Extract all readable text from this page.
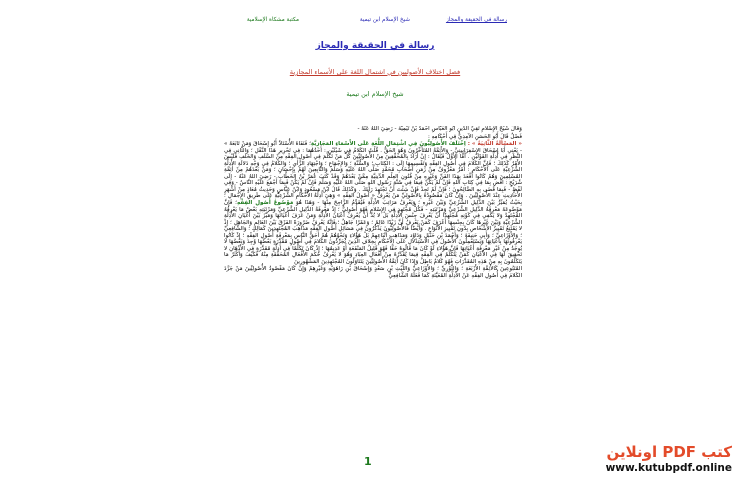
رسالة في الحقيقة والمجاز
شيخ الإسلام ابن تيمية
مكتبة مشكاة الإسلامية
رسالة في الحقيقة والمجاز
فصل اختلاف الأصوليين في اشتمال اللغة على الأسماء المجازية
شيخ الإسلام ابن تيمية

وَقَالَ شَيْخُ الإِسْلامِ تَقِيُّ الدِّينِ أَبُو العَبَّاسِ أَحْمَدُ بْنُ تَيْمِيَّةَ - رَضِيَ اللهُ عَنْهُ -

فَصْلٌ قَالَ أَبُو الحَسَنِ الآمِدِيُّ فِي أَحْكَامِهِ :

« المَسْأَلَةُ الثَّانِيَةُ » : اِخْتَلَفَ الأُصُولِيُّونَ فِي اشْتِمَالِ اللُّغَةِ عَلَى الأَسْمَاءِ المَجَازِيَّةِ؛ فَنَفَاهُ الأُسْتَاذُ أَبُو إِسْحَاقَ وَمَنْ تَابَعَهُ » - يَعْنِي أَبَا إِسْحَاقَ الإِسْفِرَايِينِيَّ - وَالأَئِمَّةُ المُتَأَخِّرُونَ وَهُوَ الحَقُّ . قُلْتُ الكَلامُ فِي شَيْئَيْنِ : أَحَدُهُمَا : فِي تَحْرِيرِ هَذَا النَّقْلِ ؛ وَالثَّانِي فِي النَّظَرِ فِي أَدِلَّةِ القَوْلَيْنِ . أَمَّا الأَوَّلُ فَيُقَالُ : إِنْ أَرَادَ بِالمُحَقِّقِينَ مِنْ الأُصُولِيِّينَ كُلَّ مَنْ تَكَلَّمَ فِي أُصُولِ الفِقْهِ مِنْ السَّلَفِ وَالخَلَفِ فَلَيْسَ الأَمْرُ كَذَلِكَ ؛ فَإِنَّ الكَلامَ فِي أُصُولِ الفِقْهِ وَتَقْسِيمِهَا إِلَى : الكِتَابِ ؛ وَالسُّنَّةِ ؛ وَالإِجْمَاعِ ؛ وَاجْتِهَادِ الرَّأْيِ ؛ وَالكَلامُ فِي وَجْهِ دَلالَةِ الأَدِلَّةِ الشَّرْعِيَّةِ عَلَى الأَحْكَامِ : أَمْرٌ مَعْرُوفٌ مِنْ زَمَنِ أَصْحَابِ مُحَمَّدٍ صَلَّى اللهُ عَلَيْهِ وَسَلَّمَ وَالتَّابِعِينَ لَهُمْ بِإِحْسَانٍ ؛ وَمَنْ بَعْدَهُمْ مِنْ أَئِمَّةِ المُسْلِمِينَ وَهُمْ كَانُوا أَقْعَدَ بِهَذَا الفَنِّ وَغَيْرِهِ مِنْ فُنُونِ العِلْمِ الدِّينِيَّةِ مِمَّنْ بَعْدَهُمْ وَقَدْ كَتَبَ عُمَرُ بْنُ الخَطَّابِ - رَضِيَ اللهُ عَنْهُ - إِلَى شُرَيْحٍ : اقْضِ بِمَا فِي كِتَابِ اللهِ فَإِنْ لَمْ يَكُنْ فِيمَا فِي سُنَّةِ رَسُولِ اللهِ صَلَّى اللهُ عَلَيْهِ وَسَلَّمَ فَإِنْ لَمْ يَكُنْ فَبِمَا أَجْمَعَ عَلَيْهِ النَّاسُ - وَفِي لَفْظٍ - فَبِمَا قَضَى بِهِ الصَّالِحُونَ ؛ فَإِنْ لَمْ تَجِدْ فَإِنْ شِئْتَ أَنْ تَجْتَهِدَ رَأْيَكَ . وَكَذَلِكَ قَالَ ابْنُ مَسْعُودٍ وَابْنُ عَبَّاسٍ وَحَدِيثُ مُعَاذٍ مِنْ أَشْهَرِ الأَحَادِيثِ عِنْدَ الأُصُولِيِّينَ . وَإِنْ كَانَ مَقْصُودُهُ بِالأُصُولِيِّ مَنْ يَعْرِفُ « أُصُولَ الفِقْهِ » وَهِيَ أَدِلَّةُ الأَحْكَامِ الشَّرْعِيَّةِ عَلَى طَرِيقِ الإِجْمَالِ ؛ بِحَيْثُ يُمَيِّزُ بَيْنَ الدَّلِيلِ الشَّرْعِيِّ وَبَيْنَ غَيْرِهِ ؛ وَيَعْرِفُ مَرَاتِبَ الأَدِلَّةِ فَيُقَدِّمُ الرَّاجِحَ مِنْهَا - وَهَذَا هُوَ مَوْضُوعُ أُصُولِ الفِقْهِ؛ فَإِنَّ مَوْضُوعَهُ مَعْرِفَةُ الدَّلِيلِ الشَّرْعِيِّ وَمَرْتَبَتِهِ - فَكُلُّ مُجْتَهِدٍ فِي الإِسْلامِ فَهُوَ أُصُولِيٌّ ؛ إِذْ مَعْرِفَةُ الدَّلِيلِ الشَّرْعِيِّ وَمَرْتَبَتِهِ بَعْضُ مَا يَعْرِفُهُ المُجْتَهِدُ وَلا يَكْفِي فِي كَوْنِهِ مُجْتَهِدًا أَنْ يَعْرِفَ جِنْسَ الأَدِلَّةِ بَلْ لا بُدَّ أَنْ يَعْرِفَ أَعْيَانَ الأَدِلَّةِ وَمَنْ عَرَفَ أَعْيَانَهَا وَمَيَّزَ بَيْنَ أَعْيَانِ الأَدِلَّةِ الشَّرْعِيَّةِ وَبَيْنَ غَيْرِهَا كَانَ بِجِنْسِهَا أَعْرَفَ كَمَنْ يَعْرِفُ أَنَّ زَيْدًا عَالِمٌ ؛ وَعَمْرًا جَاهِلٌ ؛ فَإِنَّهُ يَعْرِفُ ضَرُورَةً الفَرْقَ بَيْنَ العَالِمِ وَالجَاهِلِ ؛ إِذْ لا يَمْتَنِعُ تَمْيِيزُ الأَشْخَاصِ بِدُونِ تَمْيِيزِ الأَنْوَاعِ . وَأَيْضًا فَالأُصُولِيُّونَ يَذْكُرُونَ فِي مَسَائِلِ أُصُولِ الفِقْهِ مَذَاهِبَ المُجْتَهِدِينَ كَمَالِكٍ ؛ وَالشَّافِعِيِّ ؛ وَالأَوْزَاعِيِّ ؛ وَأَبِي حَنِيفَةَ ؛ وَأَحْمَدَ بْنِ حَنْبَلٍ وَدَاوُد وَمَذَاهِبِ أَتْبَاعِهِمْ بَلْ هَؤُلاءِ وَنَحْوُهُمْ هُمْ أَحَقُّ النَّاسِ بِمَعْرِفَةِ أُصُولِ الفِقْهِ ؛ إِذْ كَانُوا يَعْرِفُونَهَا بِأَعْيَانِهَا وَيَسْتَعْمِلُونَ الأُصُولَ فِي الاسْتِدْلالِ عَلَى الأَحْكَامِ بِخِلافِ الَّذِينَ يُجَرِّدُونَ الكَلامَ فِي أُصُولٍ مُقَدَّرَةٍ بَعْضُهَا وُجِدَ وَبَعْضُهَا لا يُوجَدُ مِنْ غَيْرِ مَعْرِفَةِ أَعْيَانِهَا فَإِنَّ هَؤُلاءِ لَوْ كَانَ مَا قَالُوهُ حَقًّا فَهُوَ قَلِيلُ المَنْفَعَةِ أَوْ عَدِيمُهَا ؛ إِذْ كَانَ تَكَلُّمًا فِي أَدِلَّةٍ مُقَدَّرَةٍ فِي الأَذْهَانِ لا تَحْقِيقَ لَهَا فِي الأَعْيَانِ كَمَنْ يَتَكَلَّمُ فِي الفِقْهِ فِيمَا يُقَدِّرُهُ مِنْ أَفْعَالِ العِبَادِ وَهُوَ لا يَعْرِفُ حُكْمَ الأَفْعَالِ المُحَقَّقَةِ مِنْهُ فَكَيْفَ وَأَكْثَرُ مَا يَتَكَلَّمُونَ بِهِ مِنْ هَذِهِ المُقَدَّرَاتِ فَهُوَ كَلامٌ بَاطِلٌ وَإِذَا كَانَ أَئِمَّةُ الأُصُولِيِّينَ يَتَنَاوَلُونَ المُجْتَهِدِينَ المَشْهُورِينَ

المُتَبُوعِينَ كَالأَئِمَّةِ الأَرْبَعَةِ ؛ وَالثَّوْرِيِّ ؛ وَالأَوْزَاعِيِّ وَاللَّيْثِ بْنِ سَعْدٍ وَإِسْحَاقَ بْنِ رَاهَوَيْهِ وَغَيْرِهِمْ وَإِنْ كَانَ مَقْصُودُ الأُصُولِيِّينَ مَنْ جَرَّدَ الكَلامَ فِي أُصُولِ الفِقْهِ عَنْ الأَدِلَّةِ المُعَيَّنَةِ كَمَا فَعَلَهُ الشَّافِعِيُّ

1
كتب PDF اونلاين
www.kutubpdf.online
